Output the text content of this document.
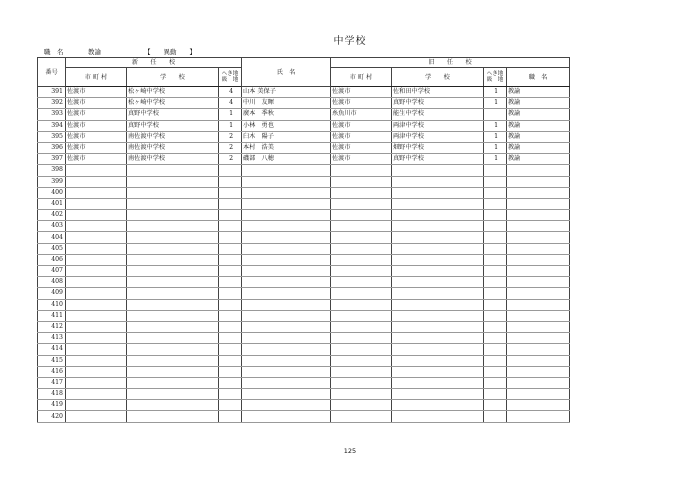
中学校
職　名	教諭	【　　異動　　】
番号	新　　任　　校			氏　名	旧　　任　　校			
	市 町 村	学　　校	へき地
級　地		市 町 村	学　　校	へき地
級　地	職　名
391	佐渡市	松ヶ崎中学校	4	山本 美保子	佐渡市	佐和田中学校	1	教諭
392	佐渡市	松ヶ崎中学校	4	中川　友暉	佐渡市	真野中学校	1	教諭
393	佐渡市	真野中学校	1	廣本　季秋	糸魚川市	能生中学校		教諭
394	佐渡市	真野中学校	1	小林　勇也	佐渡市	両津中学校	1	教諭
395	佐渡市	南佐渡中学校	2	臼木　陽子	佐渡市	両津中学校	1	教諭
396	佐渡市	南佐渡中学校	2	本村　浩美	佐渡市	畑野中学校	1	教諭
397	佐渡市	南佐渡中学校	2	磯部　八穂	佐渡市	真野中学校	1	教諭
398								
399								
400								
401								
402								
403								
404								
405								
406								
407								
408								
409								
410								
411								
412								
413								
414								
415								
416								
417								
418								
419								
420								
125
